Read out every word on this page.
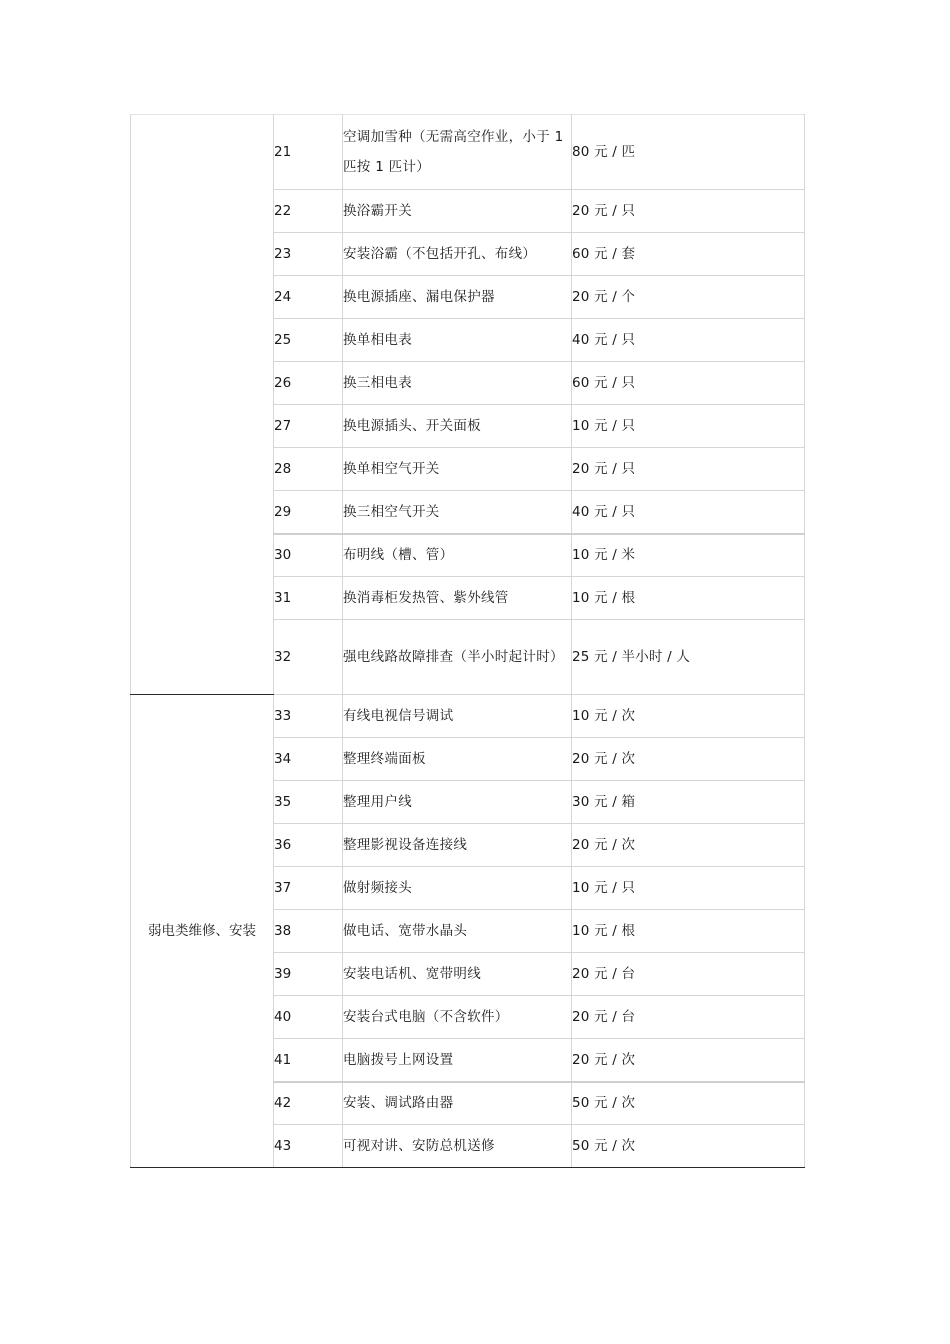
	21	空调加雪种（无需高空作业，小于 1 匹按 1 匹计）	80 元 / 匹
	22	换浴霸开关	20 元 / 只
	23	安装浴霸（不包括开孔、布线）	60 元 / 套
	24	换电源插座、漏电保护器	20 元 / 个
	25	换单相电表	40 元 / 只
	26	换三相电表	60 元 / 只
	27	换电源插头、开关面板	10 元 / 只
	28	换单相空气开关	20 元 / 只
	29	换三相空气开关	40 元 / 只
	30	布明线（槽、管）	10 元 / 米
	31	换消毒柜发热管、紫外线管	10 元 / 根
	32	强电线路故障排查（半小时起计时）	25 元 / 半小时 / 人
弱电类维修、安装	33	有线电视信号调试	10 元 / 次
	34	整理终端面板	20 元 / 次
	35	整理用户线	30 元 / 箱
	36	整理影视设备连接线	20 元 / 次
	37	做射频接头	10 元 / 只
	38	做电话、宽带水晶头	10 元 / 根
	39	安装电话机、宽带明线	20 元 / 台
	40	安装台式电脑（不含软件）	20 元 / 台
	41	电脑拨号上网设置	20 元 / 次
	42	安装、调试路由器	50 元 / 次
	43	可视对讲、安防总机送修	50 元 / 次
